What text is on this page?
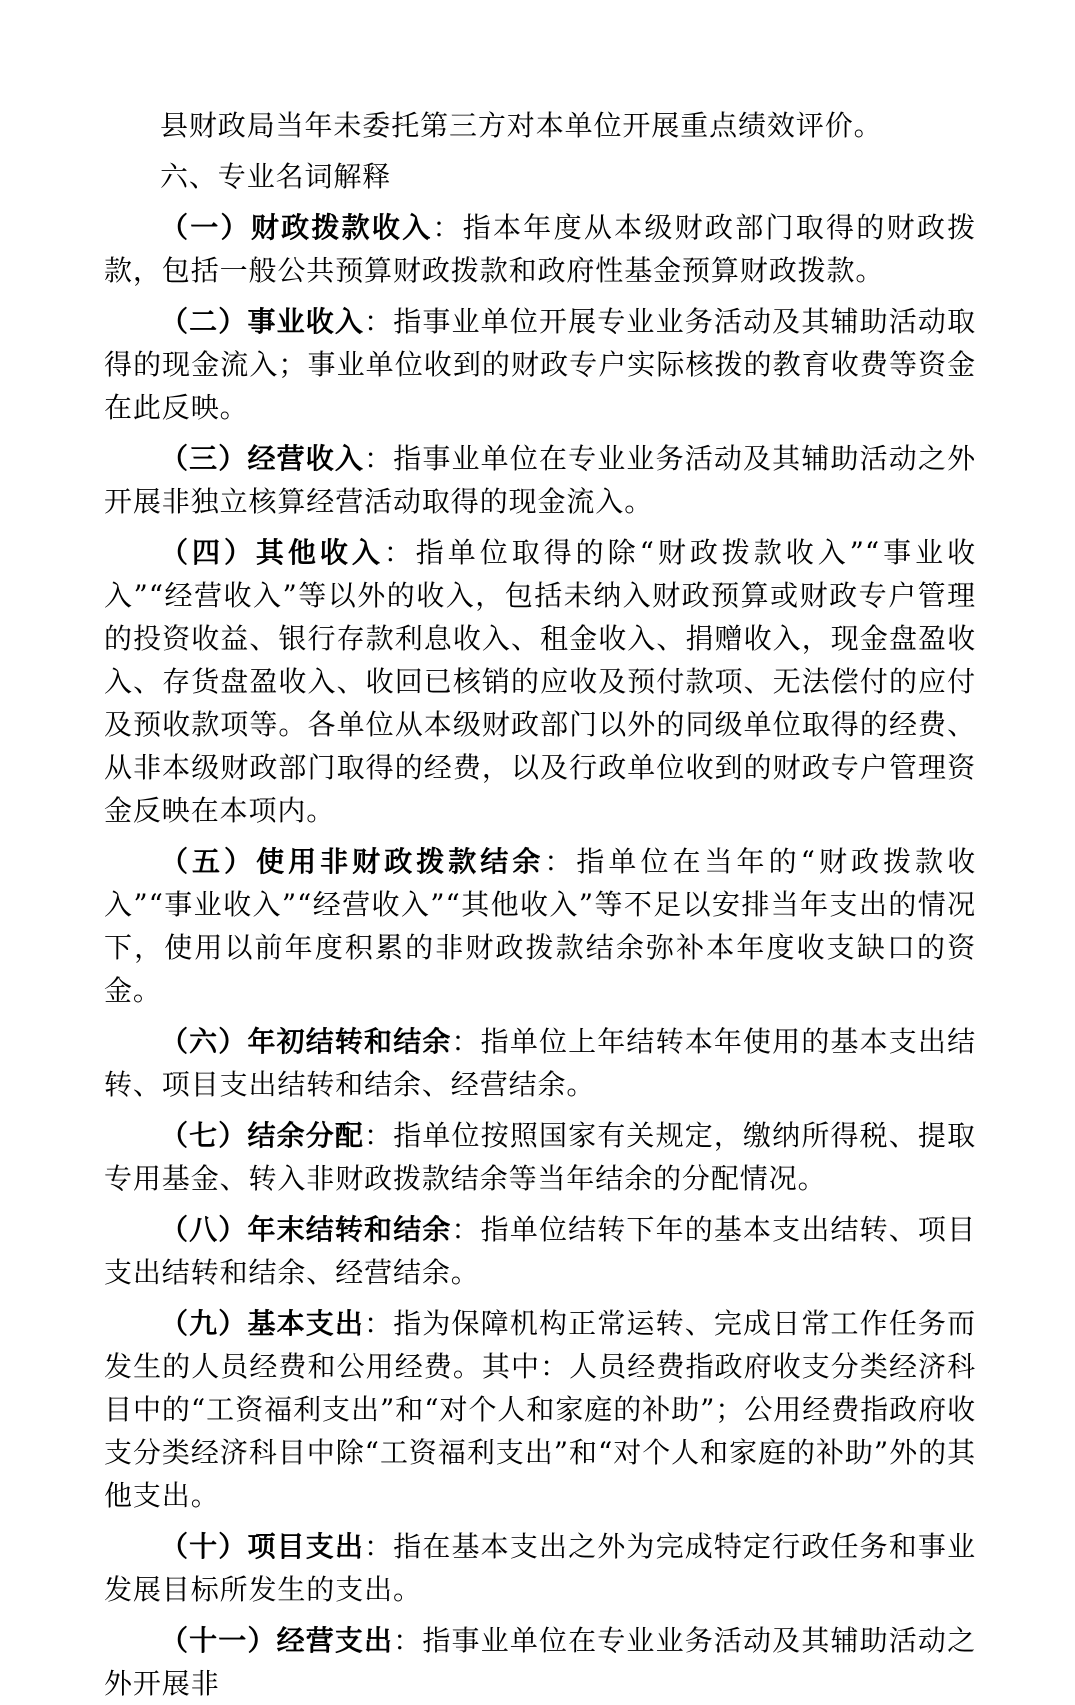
县财政局当年未委托第三方对本单位开展重点绩效评价。

六、专业名词解释

（一）财政拨款收入：指本年度从本级财政部门取得的财政拨款，包括一般公共预算财政拨款和政府性基金预算财政拨款。

（二）事业收入：指事业单位开展专业业务活动及其辅助活动取得的现金流入；事业单位收到的财政专户实际核拨的教育收费等资金在此反映。

（三）经营收入：指事业单位在专业业务活动及其辅助活动之外开展非独立核算经营活动取得的现金流入。

（四）其他收入：指单位取得的除“财政拨款收入”“事业收入”“经营收入”等以外的收入，包括未纳入财政预算或财政专户管理的投资收益、银行存款利息收入、租金收入、捐赠收入，现金盘盈收入、存货盘盈收入、收回已核销的应收及预付款项、无法偿付的应付及预收款项等。各单位从本级财政部门以外的同级单位取得的经费、从非本级财政部门取得的经费，以及行政单位收到的财政专户管理资金反映在本项内。

（五）使用非财政拨款结余：指单位在当年的“财政拨款收入”“事业收入”“经营收入”“其他收入”等不足以安排当年支出的情况下，使用以前年度积累的非财政拨款结余弥补本年度收支缺口的资金。

（六）年初结转和结余：指单位上年结转本年使用的基本支出结转、项目支出结转和结余、经营结余。

（七）结余分配：指单位按照国家有关规定，缴纳所得税、提取专用基金、转入非财政拨款结余等当年结余的分配情况。

（八）年末结转和结余：指单位结转下年的基本支出结转、项目支出结转和结余、经营结余。

（九）基本支出：指为保障机构正常运转、完成日常工作任务而发生的人员经费和公用经费。其中：人员经费指政府收支分类经济科目中的“工资福利支出”和“对个人和家庭的补助”；公用经费指政府收支分类经济科目中除“工资福利支出”和“对个人和家庭的补助”外的其他支出。

（十）项目支出：指在基本支出之外为完成特定行政任务和事业发展目标所发生的支出。

（十一）经营支出：指事业单位在专业业务活动及其辅助活动之外开展非
